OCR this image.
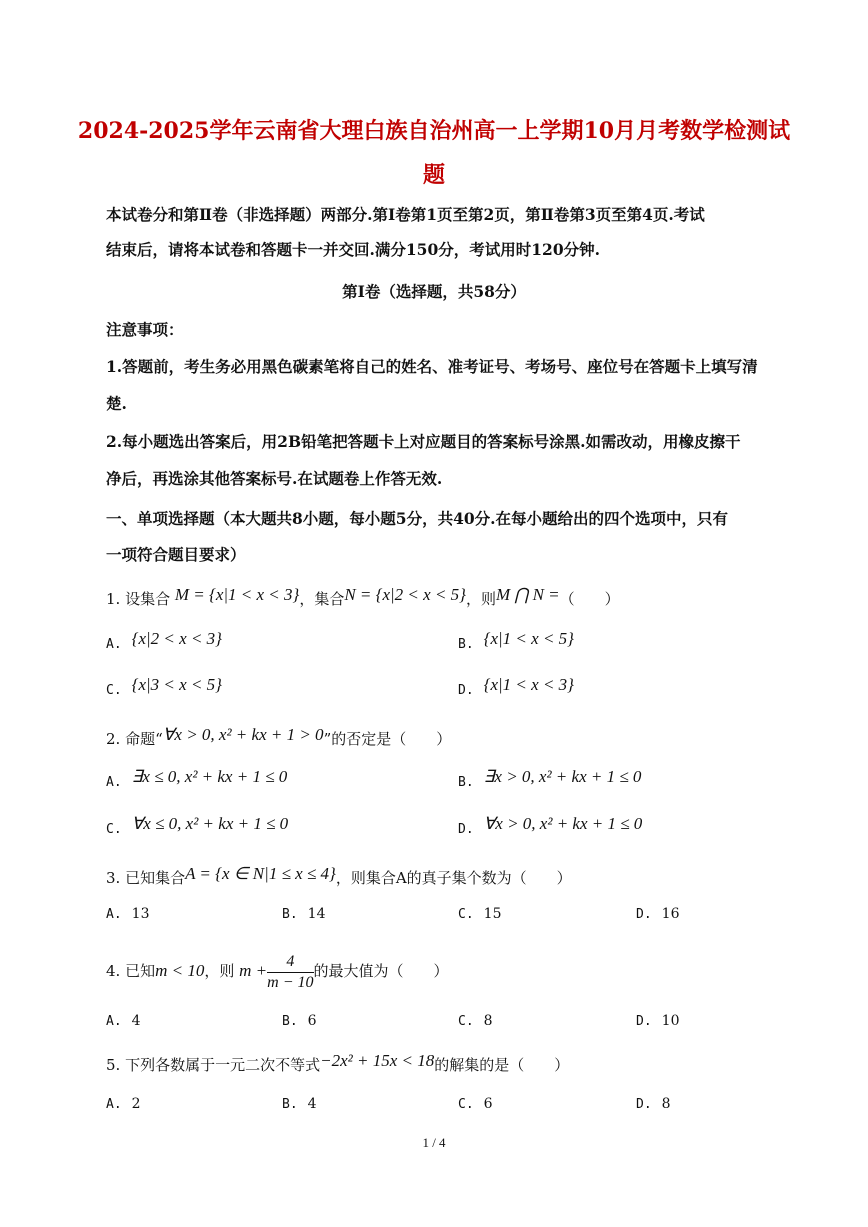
2024-2025学年云南省大理白族自治州高一上学期10月月考数学检测试
题
本试卷分和第Ⅱ卷（非选择题）两部分.第Ⅰ卷第1页至第2页，第Ⅱ卷第3页至第4页.考试
结束后，请将本试卷和答题卡一并交回.满分150分，考试用时120分钟.
第Ⅰ卷（选择题，共58分）
注意事项：
1.答题前，考生务必用黑色碳素笔将自己的姓名、准考证号、考场号、座位号在答题卡上填写清
楚.
2.每小题选出答案后，用2B铅笔把答题卡上对应题目的答案标号涂黑.如需改动，用橡皮擦干
净后，再选涂其他答案标号.在试题卷上作答无效.
一、单项选择题（本大题共8小题，每小题5分，共40分.在每小题给出的四个选项中，只有
一项符合题目要求）
1. 设集合 M = {x|1 < x < 3}，集合N = {x|2 < x < 5}，则M ⋂ N =（　　）
A. {x|2 < x < 3}	B. {x|1 < x < 5}
C. {x|3 < x < 5}	D. {x|1 < x < 3}
2. 命题“∀x > 0, x² + kx + 1 > 0”的否定是（　　）
A. ∃x ≤ 0, x² + kx + 1 ≤ 0	B. ∃x > 0, x² + kx + 1 ≤ 0
C. ∀x ≤ 0, x² + kx + 1 ≤ 0	D. ∀x > 0, x² + kx + 1 ≤ 0
3. 已知集合A = {x ∈ N|1 ≤ x ≤ 4}，则集合A的真子集个数为（　　）
A. 13	B. 14	C. 15	D. 16
4. 已知m < 10，则 $m + \frac{4}{m - 10}$ 的最大值为（　　）
A. 4	B. 6	C. 8	D. 10
5. 下列各数属于一元二次不等式−2x² + 15x < 18的解集的是（　　）
A. 2	B. 4	C. 6	D. 8
1 / 4
